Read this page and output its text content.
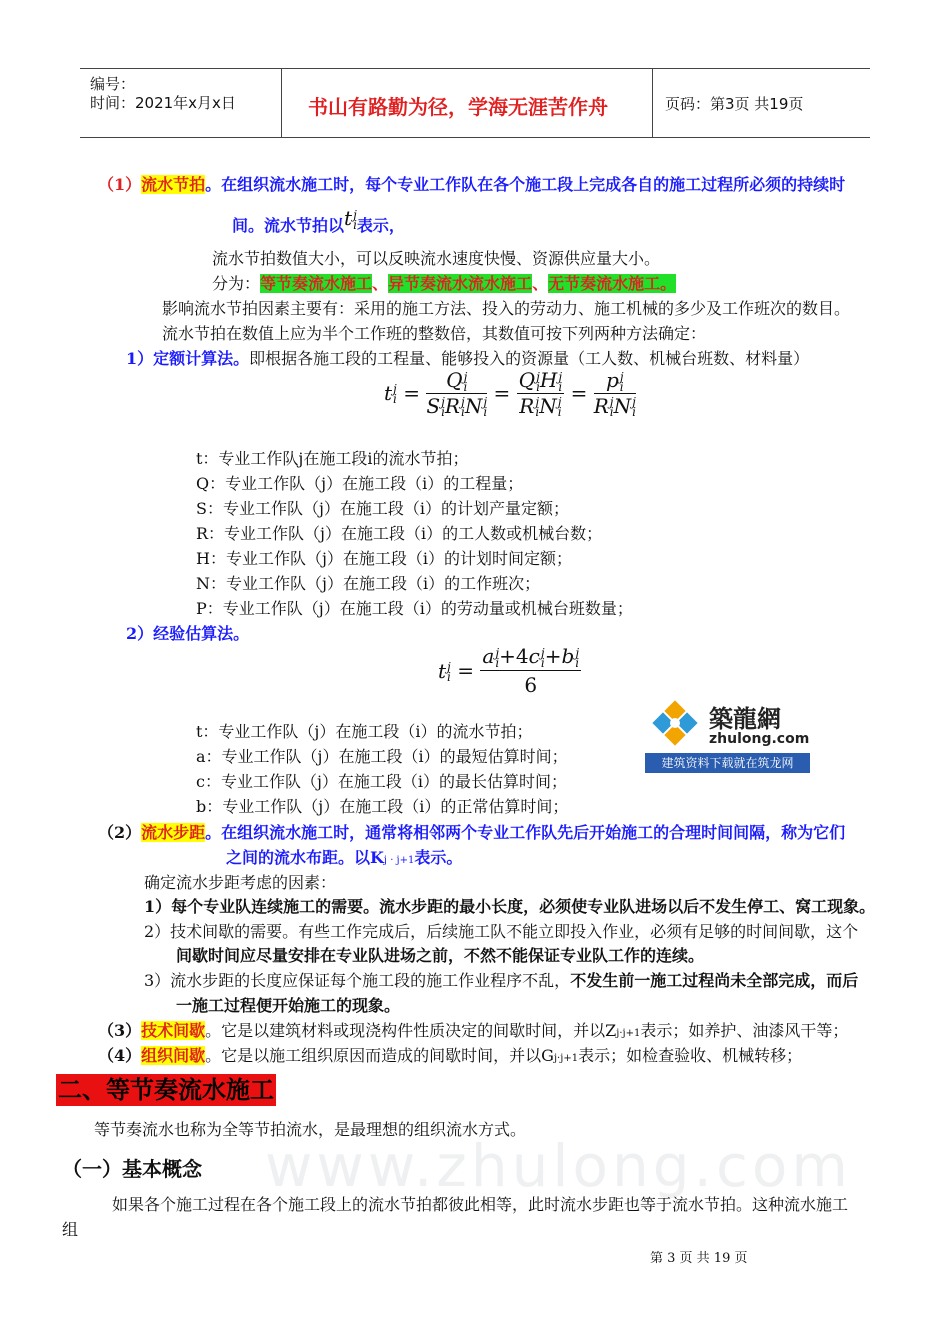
编号：
时间：2021年x月x日	书山有路勤为径，学海无涯苦作舟	页码：第3页 共19页
（1）流水节拍。在组织流水施工时，每个专业工作队在各个施工段上完成各自的施工过程所必须的持续时
间。流水节拍以t j
i 表示，
流水节拍数值大小，可以反映流水速度快慢、资源供应量大小。
分为：等节奏流水施工、异节奏流水流水施工、无节奏流水施工。
影响流水节拍因素主要有：采用的施工方法、投入的劳动力、施工机械的多少及工作班次的数目。
流水节拍在数值上应为半个工作班的整数倍，其数值可按下列两种方法确定：
1）定额计算法。即根据各施工段的工程量、能够投入的资源量（工人数、机械台班数、材料量）
t j
i = Q j
i
S j
i R j
i N j
i = Q j
i H j
i
R j
i N j
i = p j
i
R j
i N j
i
t：专业工作队j在施工段i的流水节拍；
Q：专业工作队（j）在施工段（i）的工程量；
S：专业工作队（j）在施工段（i）的计划产量定额；
R：专业工作队（j）在施工段（i）的工人数或机械台数；
H：专业工作队（j）在施工段（i）的计划时间定额；
N：专业工作队（j）在施工段（i）的工作班次；
P：专业工作队（j）在施工段（i）的劳动量或机械台班数量；
2）经验估算法。
t j
i = a j
i +4c j
i +b j
i
6
t：专业工作队（j）在施工段（i）的流水节拍；
a：专业工作队（j）在施工段（i）的最短估算时间；
c：专业工作队（j）在施工段（i）的最长估算时间；
b：专业工作队（j）在施工段（i）的正常估算时间；
築龍網
zhulong.com
建筑资料下载就在筑龙网
（2）流水步距。在组织流水施工时，通常将相邻两个专业工作队先后开始施工的合理时间间隔，称为它们
之间的流水布距。以Kj · j+1表示。
确定流水步距考虑的因素：
1）每个专业队连续施工的需要。流水步距的最小长度，必须使专业队进场以后不发生停工、窝工现象。
2）技术间歇的需要。有些工作完成后，后续施工队不能立即投入作业，必须有足够的时间间歇，这个
间歇时间应尽量安排在专业队进场之前，不然不能保证专业队工作的连续。
3）流水步距的长度应保证每个施工段的施工作业程序不乱，不发生前一施工过程尚未全部完成，而后
一施工过程便开始施工的现象。
（3）技术间歇。它是以建筑材料或现浇构件性质决定的间歇时间，并以Zj·j+1表示；如养护、油漆风干等；
（4）组织间歇。它是以施工组织原因而造成的间歇时间，并以Gj·j+1表示；如检查验收、机械转移；
二、等节奏流水施工
等节奏流水也称为全等节拍流水，是最理想的组织流水方式。
www.zhulong.com
（一）基本概念
如果各个施工过程在各个施工段上的流水节拍都彼此相等，此时流水步距也等于流水节拍。这种流水施工
组
第 3 页 共 19 页
